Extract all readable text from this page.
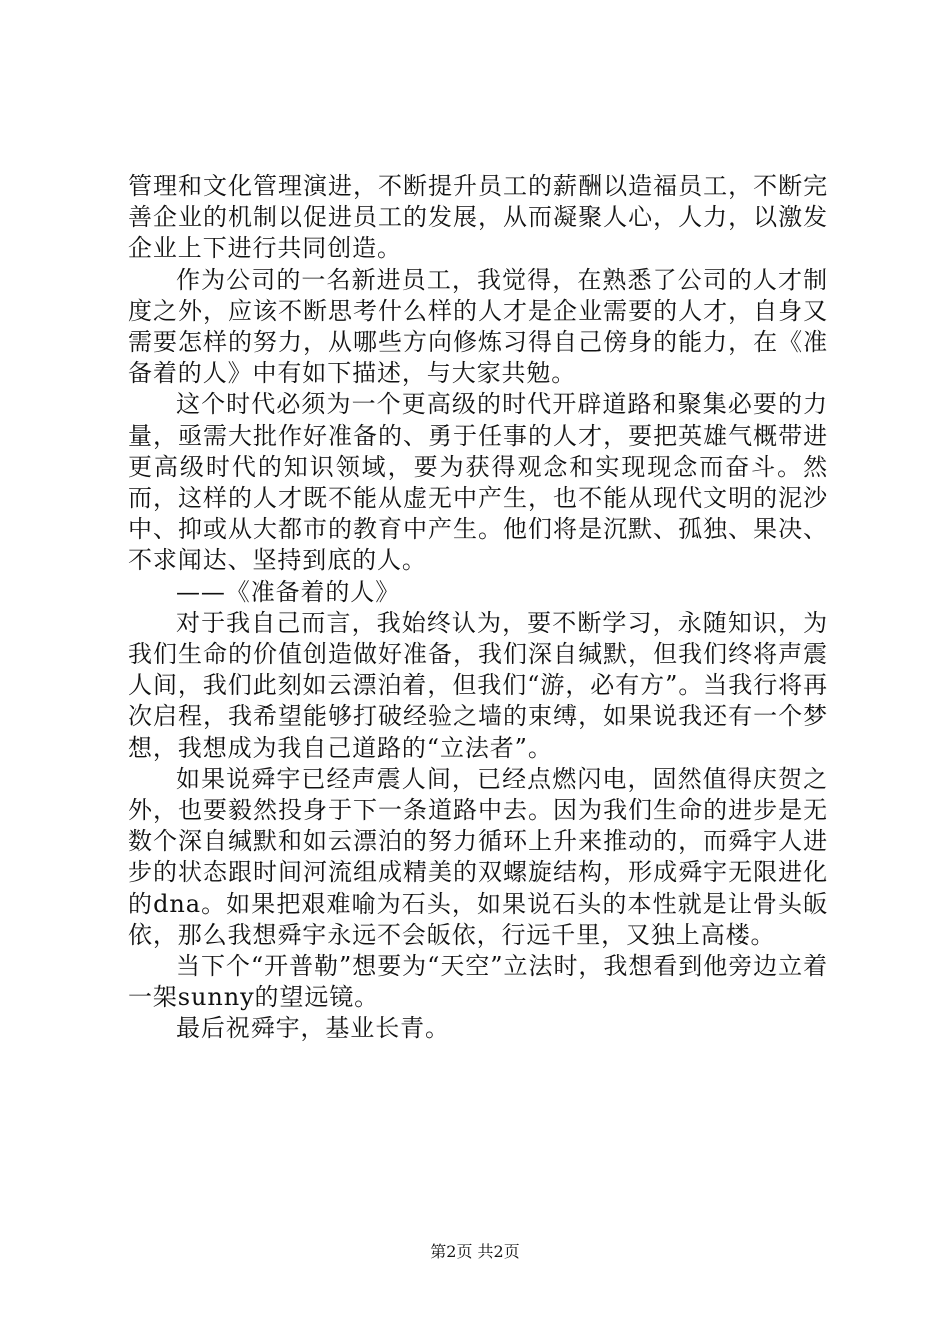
管理和文化管理演进，不断提升员工的薪酬以造福员工，不断完善企业的机制以促进员工的发展，从而凝聚人心，人力，以激发企业上下进行共同创造。

作为公司的一名新进员工，我觉得，在熟悉了公司的人才制度之外，应该不断思考什么样的人才是企业需要的人才，自身又需要怎样的努力，从哪些方向修炼习得自己傍身的能力，在《准备着的人》中有如下描述，与大家共勉。

这个时代必须为一个更高级的时代开辟道路和聚集必要的力量，亟需大批作好准备的、勇于任事的人才，要把英雄气概带进更高级时代的知识领域，要为获得观念和实现现念而奋斗。然而，这样的人才既不能从虚无中产生，也不能从现代文明的泥沙中、抑或从大都市的教育中产生。他们将是沉默、孤独、果决、不求闻达、坚持到底的人。

——《准备着的人》

对于我自己而言，我始终认为，要不断学习，永随知识，为我们生命的价值创造做好准备，我们深自缄默，但我们终将声震人间，我们此刻如云漂泊着，但我们“游，必有方”。当我行将再次启程，我希望能够打破经验之墙的束缚，如果说我还有一个梦想，我想成为我自己道路的“立法者”。

如果说舜宇已经声震人间，已经点燃闪电，固然值得庆贺之外，也要毅然投身于下一条道路中去。因为我们生命的进步是无数个深自缄默和如云漂泊的努力循环上升来推动的，而舜宇人进步的状态跟时间河流组成精美的双螺旋结构，形成舜宇无限进化的dna。如果把艰难喻为石头，如果说石头的本性就是让骨头皈依，那么我想舜宇永远不会皈依，行远千里，又独上高楼。

当下个“开普勒”想要为“天空”立法时，我想看到他旁边立着一架sunny的望远镜。

最后祝舜宇，基业长青。

第2页 共2页
